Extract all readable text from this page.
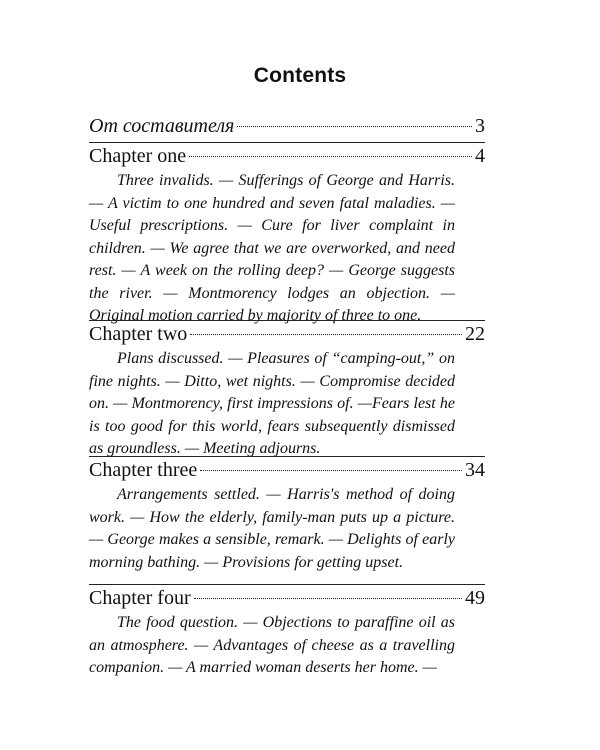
Contents
От составителя	3
Chapter one	4

Three invalids. — Sufferings of George and Harris. — A victim to one hundred and seven fatal maladies. — Useful prescriptions. — Cure for liver complaint in children. — We agree that we are overworked, and need rest. — A week on the rolling deep? — George suggests the river. — Montmorency lodges an objection. — Original motion carried by majority of three to one.

Chapter two	22

Plans discussed. — Pleasures of “camping-out,” on fine nights. — Ditto, wet nights. — Compromise decided on. — Montmorency, first impressions of. —Fears lest he is too good for this world, fears subsequently dismissed as groundless. — Meeting adjourns.

Chapter three	34

Arrangements settled. — Harris's method of doing work. — How the elderly, family-man puts up a picture. — George makes a sensible, remark. — Delights of early morning bathing. — Provisions for getting upset.

Chapter four	49

The food question. — Objections to paraffine oil as an atmosphere. — Advantages of cheese as a travelling companion. — A married woman deserts her home. —
